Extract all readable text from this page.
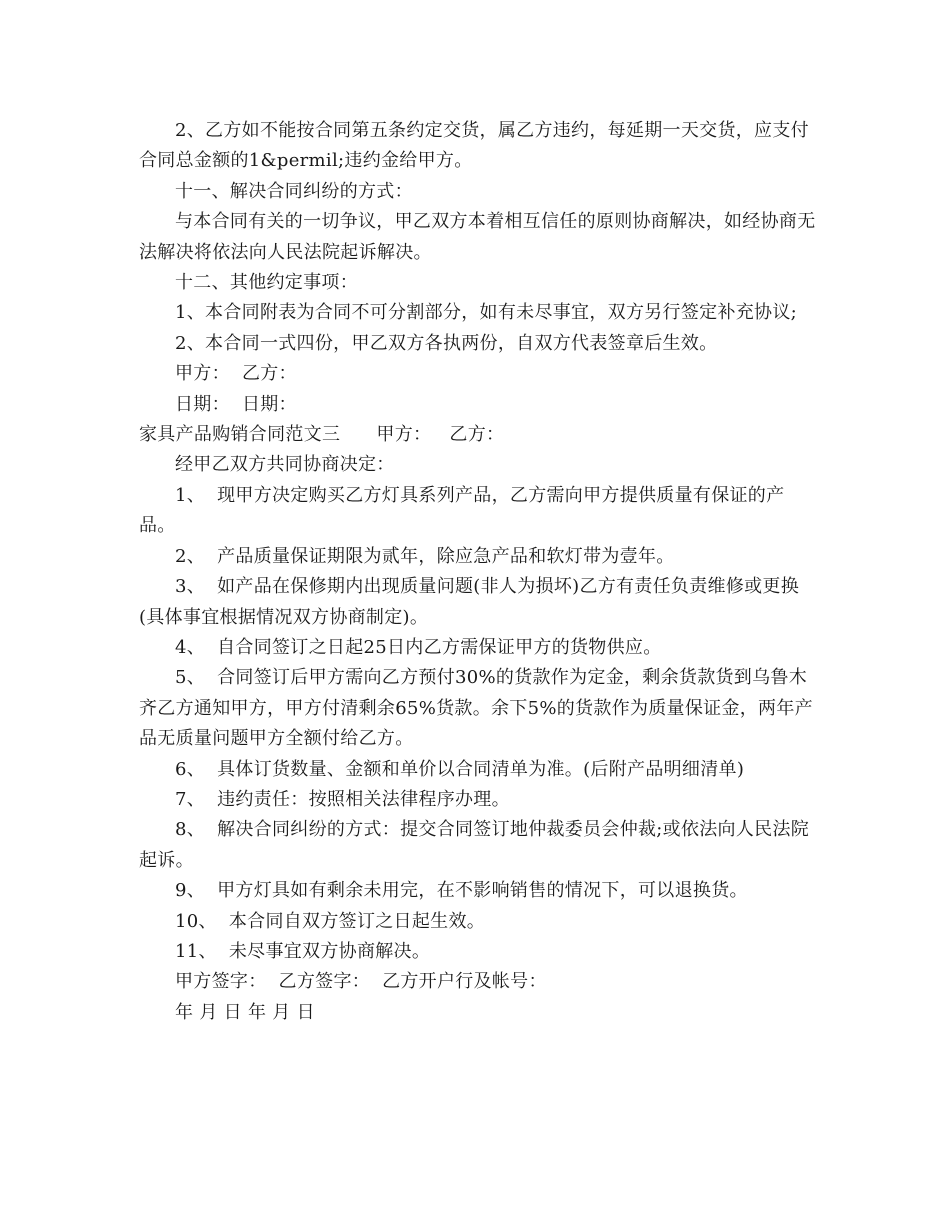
2、乙方如不能按合同第五条约定交货，属乙方违约，每延期一天交货，应支付合同总金额的1&permil;违约金给甲方。

十一、解决合同纠纷的方式：

与本合同有关的一切争议，甲乙双方本着相互信任的原则协商解决，如经协商无法解决将依法向人民法院起诉解决。

十二、其他约定事项：

1、本合同附表为合同不可分割部分，如有未尽事宜，双方另行签定补充协议;

2、本合同一式四份，甲乙双方各执两份，自双方代表签章后生效。

甲方：  乙方：

日期：  日期：

家具产品购销合同范文三      甲方：   乙方：

经甲乙双方共同协商决定：

1、  现甲方决定购买乙方灯具系列产品，乙方需向甲方提供质量有保证的产品。

2、  产品质量保证期限为贰年，除应急产品和软灯带为壹年。

3、  如产品在保修期内出现质量问题(非人为损坏)乙方有责任负责维修或更换(具体事宜根据情况双方协商制定)。

4、  自合同签订之日起25日内乙方需保证甲方的货物供应。

5、  合同签订后甲方需向乙方预付30%的货款作为定金，剩余货款货到乌鲁木齐乙方通知甲方，甲方付清剩余65%货款。余下5%的货款作为质量保证金，两年产品无质量问题甲方全额付给乙方。

6、  具体订货数量、金额和单价以合同清单为准。(后附产品明细清单)

7、  违约责任：按照相关法律程序办理。

8、  解决合同纠纷的方式：提交合同签订地仲裁委员会仲裁;或依法向人民法院起诉。

9、  甲方灯具如有剩余未用完，在不影响销售的情况下，可以退换货。

10、  本合同自双方签订之日起生效。

11、  未尽事宜双方协商解决。

甲方签字：  乙方签字：  乙方开户行及帐号：

年 月 日 年 月 日
